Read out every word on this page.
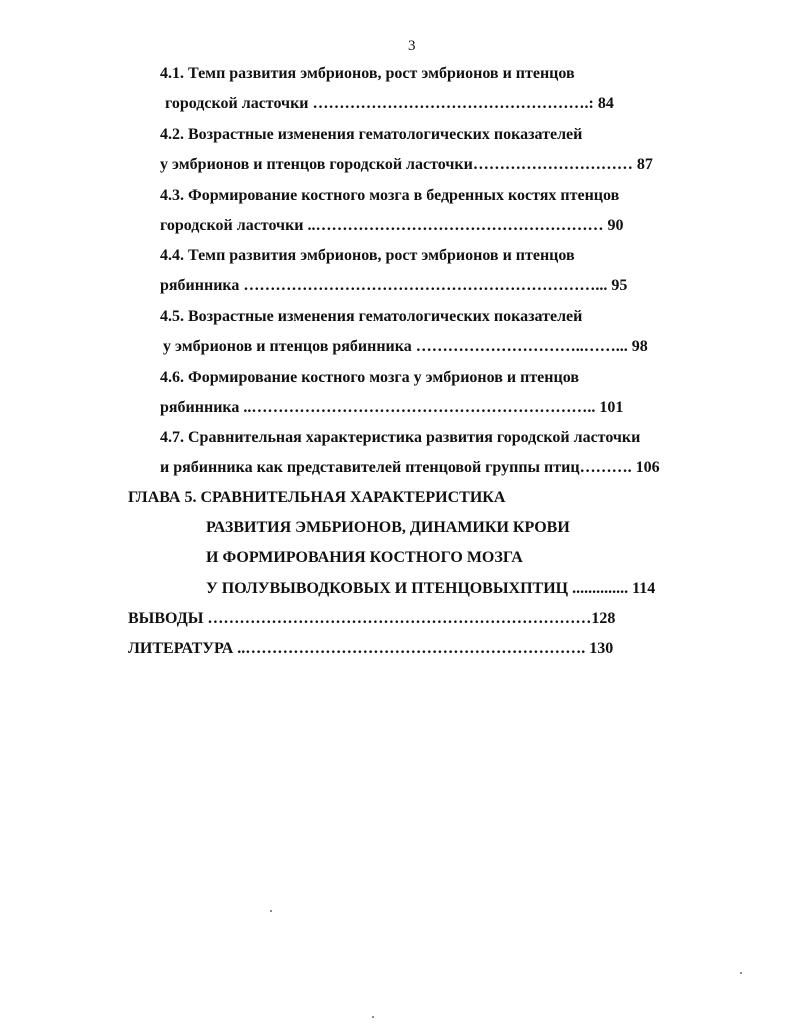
3
4.1. Темп развития эмбрионов, рост эмбрионов и птенцов
городской ласточки …………………………………………….: 84
4.2. Возрастные изменения гематологических показателей
у эмбрионов и птенцов городской ласточки………………………… 87
4.3. Формирование костного мозга в бедренных костях птенцов
городской ласточки ..……………………………………………… 90
4.4. Темп развития эмбрионов, рост эмбрионов и птенцов
рябинника …………………………………………………………... 95
4.5. Возрастные изменения гематологических показателей
у эмбрионов и птенцов рябинника …………………………..……... 98
4.6. Формирование костного мозга у эмбрионов и птенцов
рябинника ..……………………………………………………….. 101
4.7. Сравнительная характеристика развития городской ласточки
и рябинника как представителей птенцовой группы птиц………. 106
ГЛАВА 5. СРАВНИТЕЛЬНАЯ ХАРАКТЕРИСТИКА
РАЗВИТИЯ ЭМБРИОНОВ, ДИНАМИКИ КРОВИ
И ФОРМИРОВАНИЯ КОСТНОГО МОЗГА
У ПОЛУВЫВОДКОВЫХ И ПТЕНЦОВЫХПТИЦ .............. 114
ВЫВОДЫ ………………………………………………………………128
ЛИТЕРАТУРА ..………………………………………………………. 130
